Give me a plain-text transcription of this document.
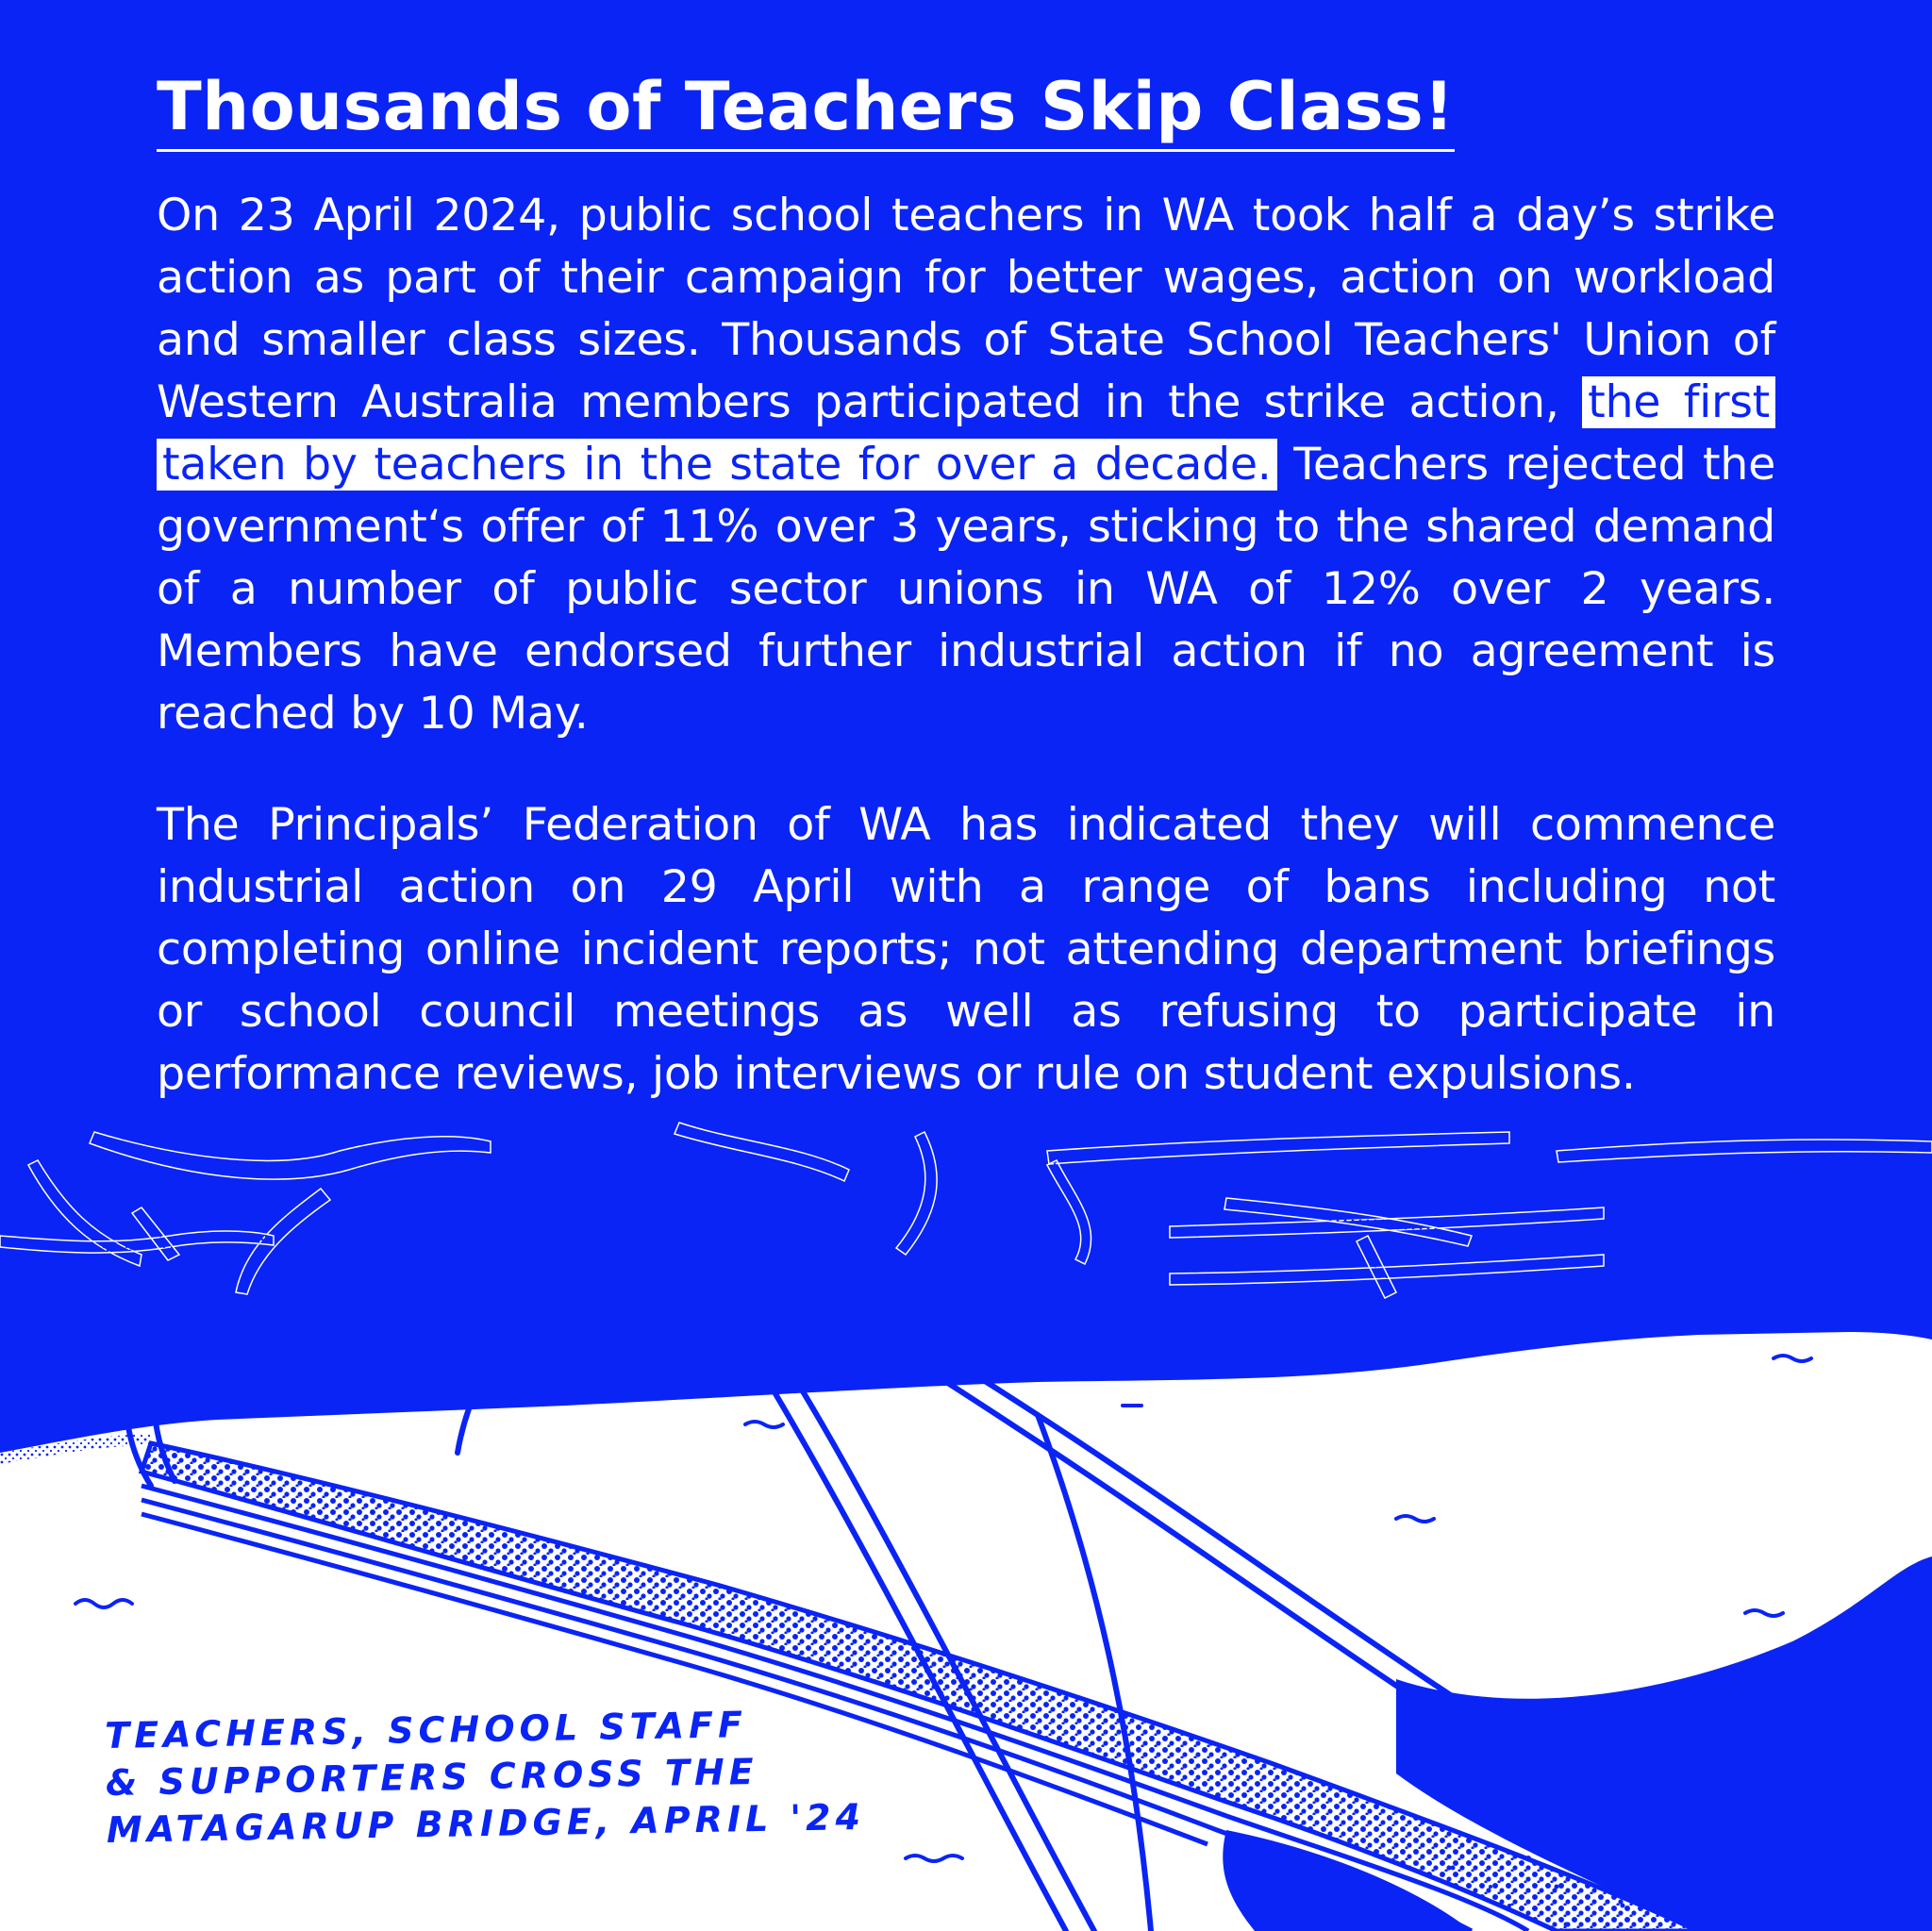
Thousands of Teachers Skip Class!

On 23 April 2024, public school teachers in WA took half a day’s strike action as part of their campaign for better wages, action on workload and smaller class sizes. Thousands of State School Teachers' Union of Western Australia members participated in the strike action, the first taken by teachers in the state for over a decade. Teachers rejected the government‘s offer of 11% over 3 years, sticking to the shared demand of a number of public sector unions in WA of 12% over 2 years. Members have endorsed further industrial action if no agreement is reached by 10 May.

The Principals’ Federation of WA has indicated they will commence industrial action on 29 April with a range of bans including not completing online incident reports; not attending department briefings or school council meetings as well as refusing to participate in performance reviews, job interviews or rule on student expulsions.

TEACHERS, SCHOOL STAFF
& SUPPORTERS CROSS THE
MATAGARUP BRIDGE, APRIL '24
